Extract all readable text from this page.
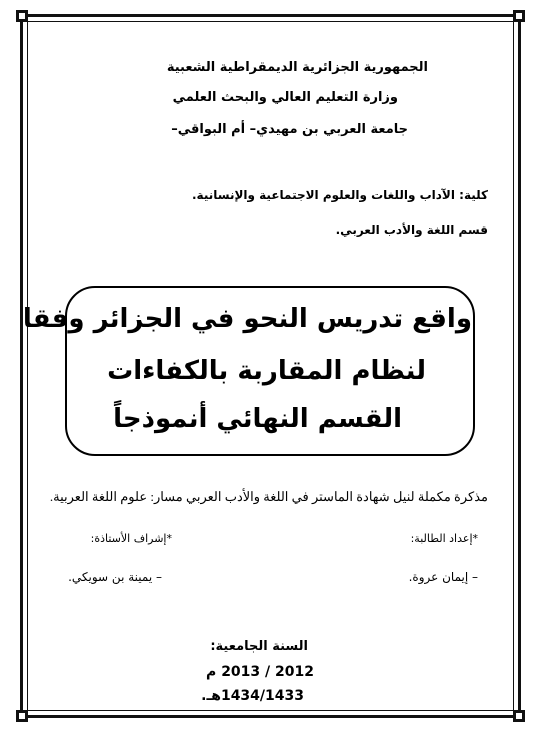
الجمهورية الجزائرية الديمقراطية الشعبية
وزارة التعليم العالي والبحث العلمي
جامعة العربي بن مهيدي– أم البواقي–
كلية: الآداب واللغات والعلوم الاجتماعية والإنسانية.
قسم اللغة والأدب العربي.
واقع تدريس النحو في الجزائر وفقا
لنظام المقاربة بالكفاءات
القسم النهائي أنموذجاً
مذكرة مكملة لنيل شهادة الماستر في اللغة والأدب العربي مسار: علوم اللغة العربية.
*إعداد الطالبة:
*إشراف الأستاذة:
– إيمان عروة.
– يمينة بن سويكي.
السنة الجامعية:
2012 / 2013 م
1434/1433هـ.
